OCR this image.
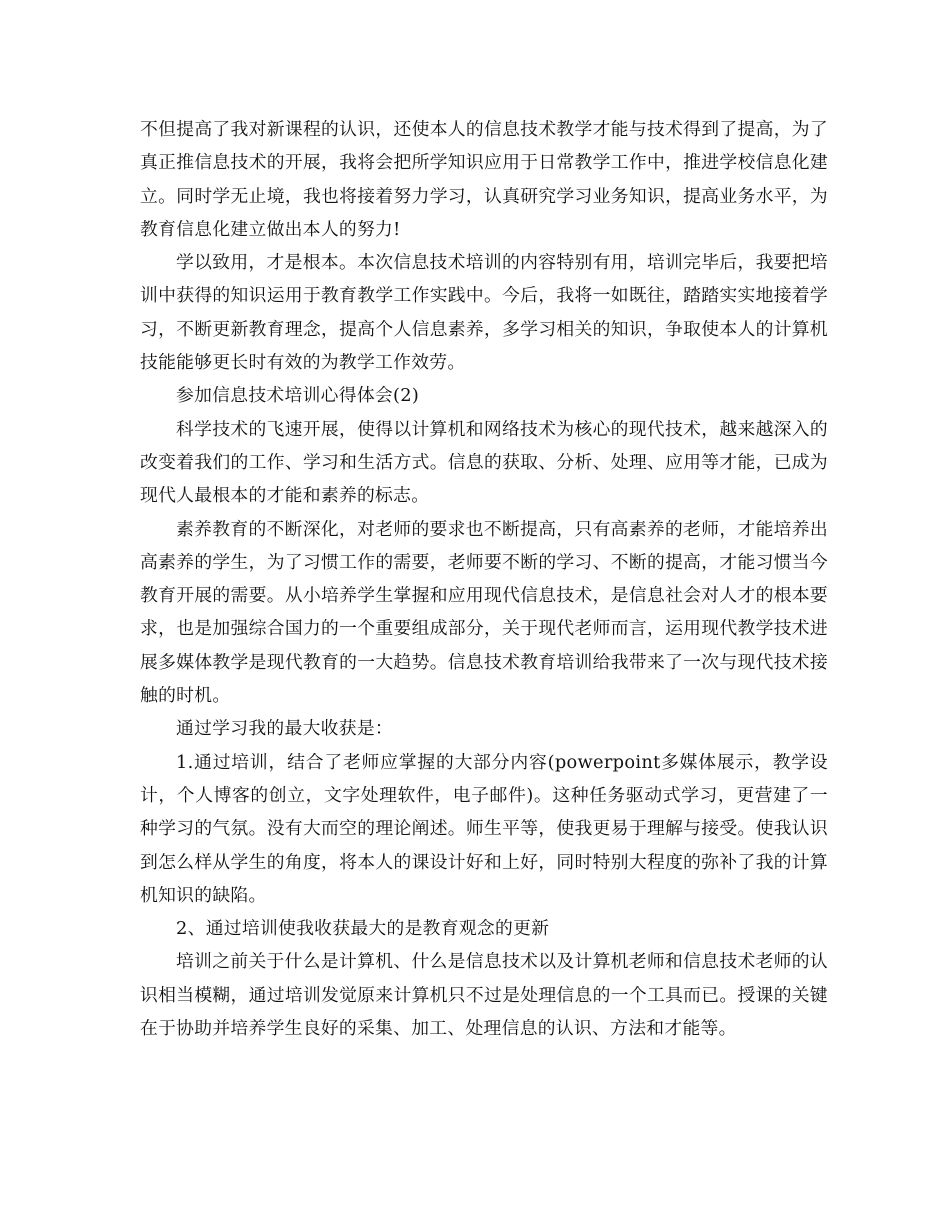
不但提高了我对新课程的认识，还使本人的信息技术教学才能与技术得到了提高，为了真正推信息技术的开展，我将会把所学知识应用于日常教学工作中，推进学校信息化建立。同时学无止境，我也将接着努力学习，认真研究学习业务知识，提高业务水平，为教育信息化建立做出本人的努力!

学以致用，才是根本。本次信息技术培训的内容特别有用，培训完毕后，我要把培训中获得的知识运用于教育教学工作实践中。今后，我将一如既往，踏踏实实地接着学习，不断更新教育理念，提高个人信息素养，多学习相关的知识，争取使本人的计算机技能能够更长时有效的为教学工作效劳。

参加信息技术培训心得体会(2)

科学技术的飞速开展，使得以计算机和网络技术为核心的现代技术，越来越深入的改变着我们的工作、学习和生活方式。信息的获取、分析、处理、应用等才能，已成为现代人最根本的才能和素养的标志。

素养教育的不断深化，对老师的要求也不断提高，只有高素养的老师，才能培养出高素养的学生，为了习惯工作的需要，老师要不断的学习、不断的提高，才能习惯当今教育开展的需要。从小培养学生掌握和应用现代信息技术，是信息社会对人才的根本要求，也是加强综合国力的一个重要组成部分，关于现代老师而言，运用现代教学技术进展多媒体教学是现代教育的一大趋势。信息技术教育培训给我带来了一次与现代技术接触的时机。

通过学习我的最大收获是：

1.通过培训，结合了老师应掌握的大部分内容(powerpoint多媒体展示，教学设计，个人博客的创立，文字处理软件，电子邮件)。这种任务驱动式学习，更营建了一种学习的气氛。没有大而空的理论阐述。师生平等，使我更易于理解与接受。使我认识到怎么样从学生的角度，将本人的课设计好和上好，同时特别大程度的弥补了我的计算机知识的缺陷。

2、通过培训使我收获最大的是教育观念的更新

培训之前关于什么是计算机、什么是信息技术以及计算机老师和信息技术老师的认识相当模糊，通过培训发觉原来计算机只不过是处理信息的一个工具而已。授课的关键在于协助并培养学生良好的采集、加工、处理信息的认识、方法和才能等。
